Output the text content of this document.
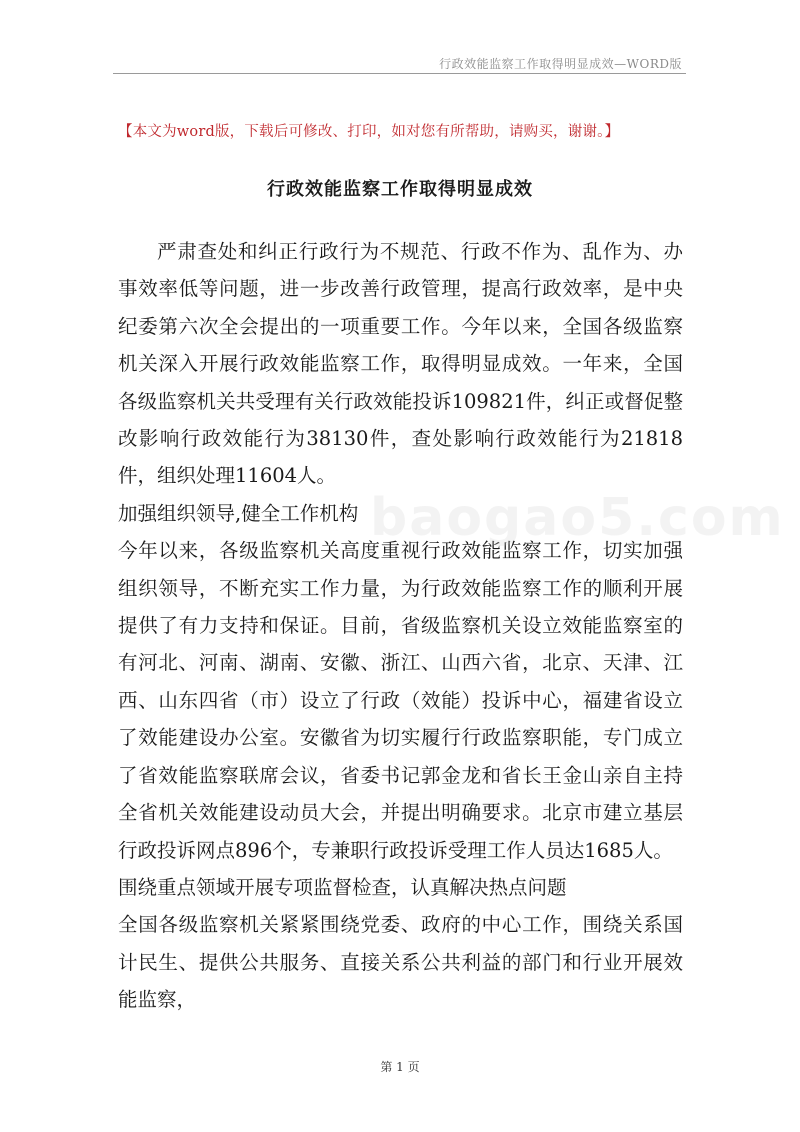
行政效能监察工作取得明显成效—WORD版
【本文为word版，下载后可修改、打印，如对您有所帮助，请购买，谢谢。】
行政效能监察工作取得明显成效

严肃查处和纠正行政行为不规范、行政不作为、乱作为、办事效率低等问题，进一步改善行政管理，提高行政效率，是中央纪委第六次全会提出的一项重要工作。今年以来，全国各级监察机关深入开展行政效能监察工作，取得明显成效。一年来，全国各级监察机关共受理有关行政效能投诉109821件，纠正或督促整改影响行政效能行为38130件，查处影响行政效能行为21818件，组织处理11604人。

加强组织领导,健全工作机构

今年以来，各级监察机关高度重视行政效能监察工作，切实加强组织领导，不断充实工作力量，为行政效能监察工作的顺利开展提供了有力支持和保证。目前，省级监察机关设立效能监察室的有河北、河南、湖南、安徽、浙江、山西六省，北京、天津、江西、山东四省（市）设立了行政（效能）投诉中心，福建省设立了效能建设办公室。安徽省为切实履行行政监察职能，专门成立了省效能监察联席会议，省委书记郭金龙和省长王金山亲自主持全省机关效能建设动员大会，并提出明确要求。北京市建立基层行政投诉网点896个，专兼职行政投诉受理工作人员达1685人。

围绕重点领域开展专项监督检查，认真解决热点问题

全国各级监察机关紧紧围绕党委、政府的中心工作，围绕关系国计民生、提供公共服务、直接关系公共利益的部门和行业开展效能监察，

baogao5.com
第 1 页
